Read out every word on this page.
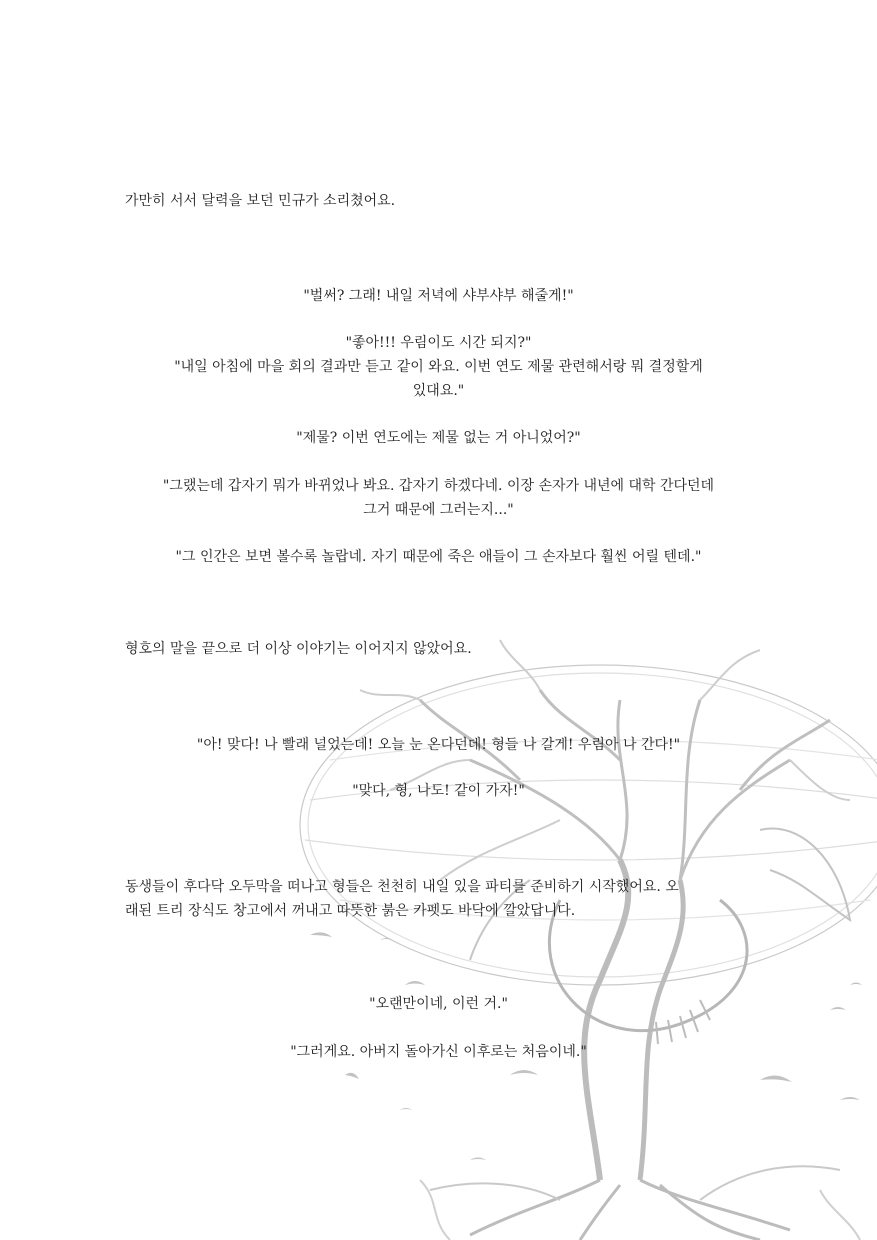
가만히 서서 달력을 보던 민규가 소리쳤어요.
"벌써? 그래! 내일 저녁에 샤부샤부 해줄게!"
"좋아!!! 우림이도 시간 되지?"
"내일 아침에 마을 회의 결과만 듣고 같이 와요. 이번 연도 제물 관련해서랑 뭐 결정할게
있대요."
"제물? 이번 연도에는 제물 없는 거 아니었어?"
"그랬는데 갑자기 뭐가 바뀌었나 봐요. 갑자기 하겠다네. 이장 손자가 내년에 대학 간다던데
그거 때문에 그러는지..."
"그 인간은 보면 볼수록 놀랍네. 자기 때문에 죽은 애들이 그 손자보다 훨씬 어릴 텐데."
형호의 말을 끝으로 더 이상 이야기는 이어지지 않았어요.
"아! 맞다! 나 빨래 널었는데! 오늘 눈 온다던데! 형들 나 갈게! 우림아 나 간다!"
"맞다, 형, 나도! 같이 가자!"
동생들이 후다닥 오두막을 떠나고 형들은 천천히 내일 있을 파티를 준비하기 시작했어요. 오
래된 트리 장식도 창고에서 꺼내고 따뜻한 붉은 카펫도 바닥에 깔았답니다.
"오랜만이네, 이런 거."
"그러게요. 아버지 돌아가신 이후로는 처음이네."
